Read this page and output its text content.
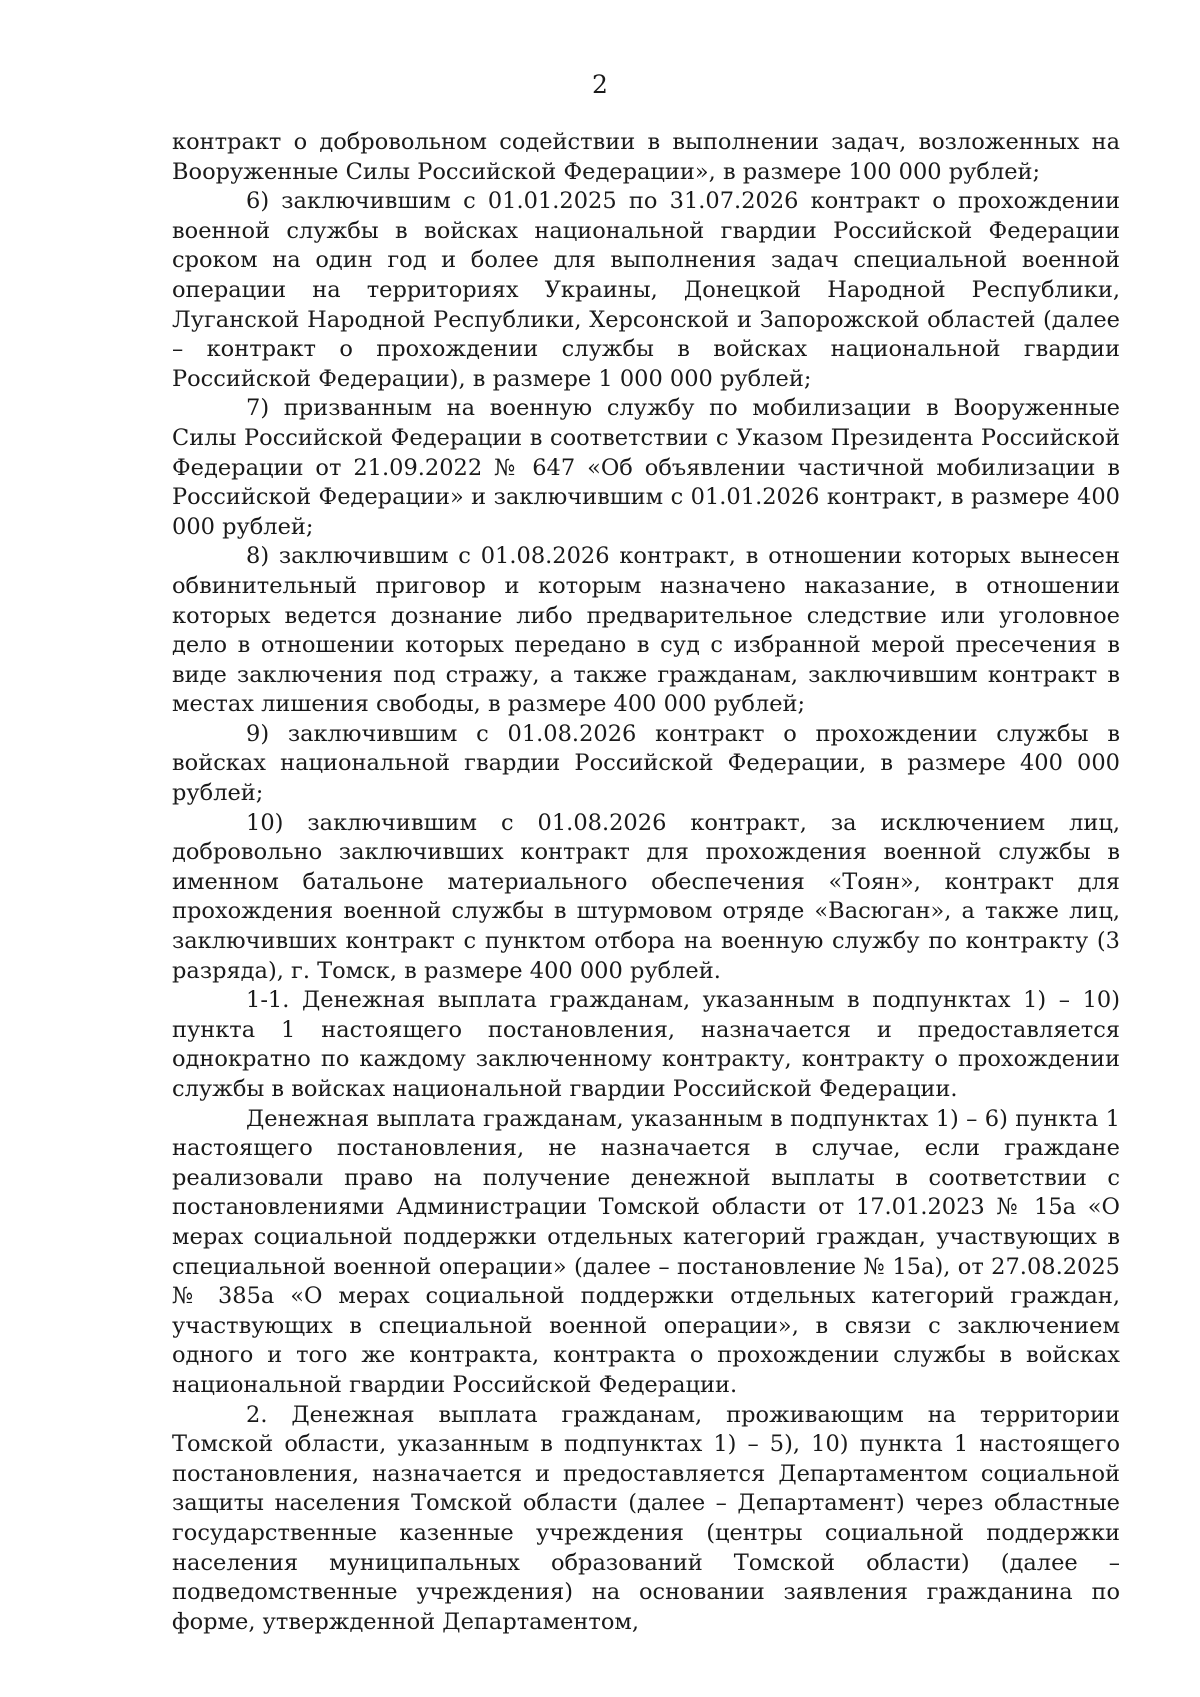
2

контракт о добровольном содействии в выполнении задач, возложенных на Вооруженные Силы Российской Федерации», в размере 100 000 рублей;

6) заключившим с 01.01.2025 по 31.07.2026 контракт о прохождении военной службы в войсках национальной гвардии Российской Федерации сроком на один год и более для выполнения задач специальной военной операции на территориях Украины, Донецкой Народной Республики, Луганской Народной Республики, Херсонской и Запорожской областей (далее – контракт о прохождении службы в войсках национальной гвардии Российской Федерации), в размере 1 000 000 рублей;

7) призванным на военную службу по мобилизации в Вооруженные Силы Российской Федерации в соответствии с Указом Президента Российской Федерации от 21.09.2022 № 647 «Об объявлении частичной мобилизации в Российской Федерации» и заключившим с 01.01.2026 контракт, в размере 400 000 рублей;

8) заключившим с 01.08.2026 контракт, в отношении которых вынесен обвинительный приговор и которым назначено наказание, в отношении которых ведется дознание либо предварительное следствие или уголовное дело в отношении которых передано в суд с избранной мерой пресечения в виде заключения под стражу, а также гражданам, заключившим контракт в местах лишения свободы, в размере 400 000 рублей;

9) заключившим с 01.08.2026 контракт о прохождении службы в войсках национальной гвардии Российской Федерации, в размере 400 000 рублей;

10) заключившим с 01.08.2026 контракт, за исключением лиц, добровольно заключивших контракт для прохождения военной службы в именном батальоне материального обеспечения «Тоян», контракт для прохождения военной службы в штурмовом отряде «Васюган», а также лиц, заключивших контракт с пунктом отбора на военную службу по контракту (3 разряда), г. Томск, в размере 400 000 рублей.

1-1. Денежная выплата гражданам, указанным в подпунктах 1) – 10) пункта 1 настоящего постановления, назначается и предоставляется однократно по каждому заключенному контракту, контракту о прохождении службы в войсках национальной гвардии Российской Федерации.

Денежная выплата гражданам, указанным в подпунктах 1) – 6) пункта 1 настоящего постановления, не назначается в случае, если граждане реализовали право на получение денежной выплаты в соответствии с постановлениями Администрации Томской области от 17.01.2023 № 15а «О мерах социальной поддержки отдельных категорий граждан, участвующих в специальной военной операции» (далее – постановление № 15а), от 27.08.2025 № 385а «О мерах социальной поддержки отдельных категорий граждан, участвующих в специальной военной операции», в связи с заключением одного и того же контракта, контракта о прохождении службы в войсках национальной гвардии Российской Федерации.

2. Денежная выплата гражданам, проживающим на территории Томской области, указанным в подпунктах 1) – 5), 10) пункта 1 настоящего постановления, назначается и предоставляется Департаментом социальной защиты населения Томской области (далее – Департамент) через областные государственные казенные учреждения (центры социальной поддержки населения муниципальных образований Томской области) (далее – подведомственные учреждения) на основании заявления гражданина по форме, утвержденной Департаментом,
